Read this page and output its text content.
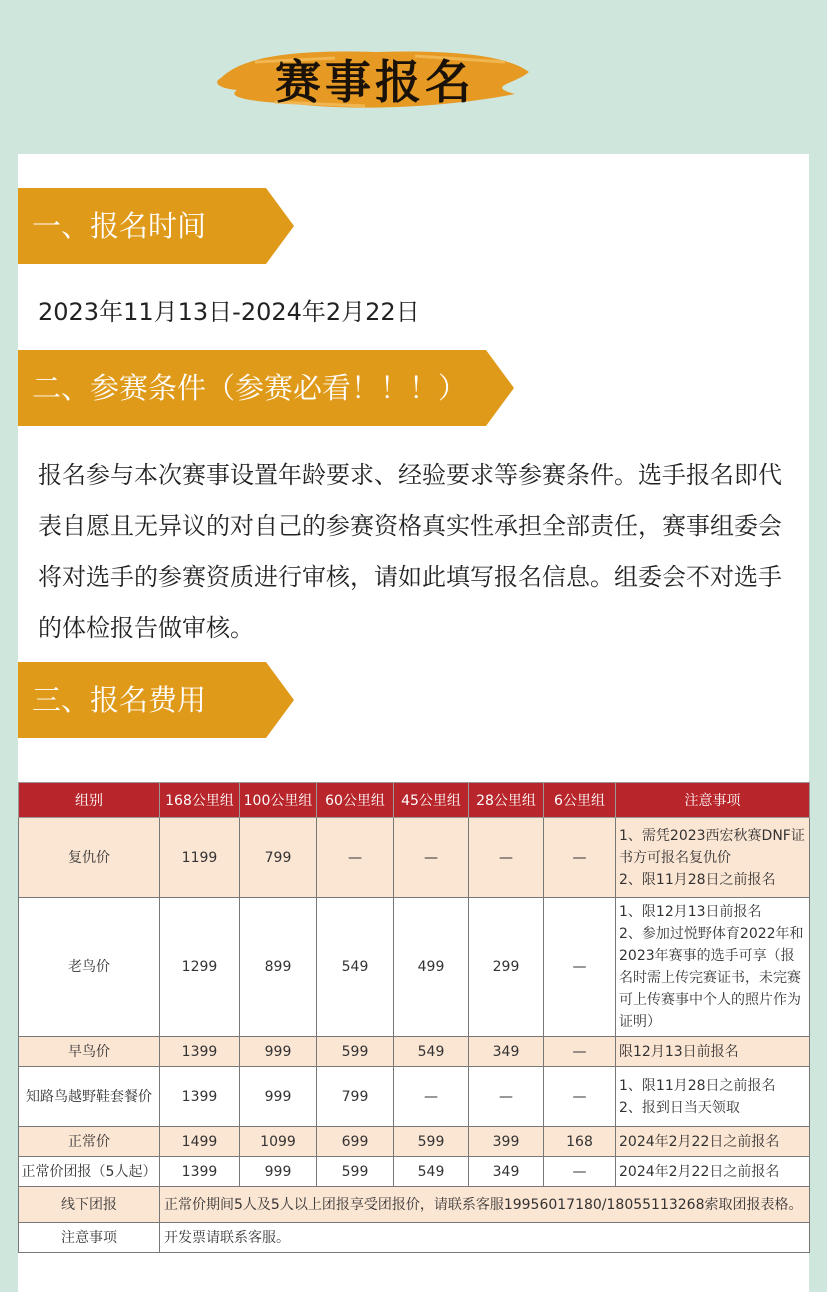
赛事报名
一、报名时间
2023年11月13日-2024年2月22日
二、参赛条件（参赛必看！！！）
报名参与本次赛事设置年龄要求、经验要求等参赛条件。选手报名即代表自愿且无异议的对自己的参赛资格真实性承担全部责任，赛事组委会将对选手的参赛资质进行审核，请如此填写报名信息。组委会不对选手的体检报告做审核。
三、报名费用
组别	168公里组	100公里组	60公里组	45公里组	28公里组	6公里组	注意事项
复仇价	1199	799	—	—	—	—	1、需凭2023西宏秋赛DNF证书方可报名复仇价
2、限11月28日之前报名

老鸟价	1299	899	549	499	299	—	1、限12月13日前报名
2、参加过悦野体育2022年和2023年赛事的选手可享（报名时需上传完赛证书，未完赛可上传赛事中个人的照片作为证明）

早鸟价	1399	999	599	549	349	—	限12月13日前报名

知路鸟越野鞋套餐价	1399	999	799	—	—	—	1、限11月28日之前报名
2、报到日当天领取

正常价	1499	1099	699	599	399	168	2024年2月22日之前报名

正常价团报（5人起）	1399	999	599	549	349	—	2024年2月22日之前报名

线下团报	正常价期间5人及5人以上团报享受团报价，请联系客服19956017180/18055113268索取团报表格。						
注意事项	开发票请联系客服。						
